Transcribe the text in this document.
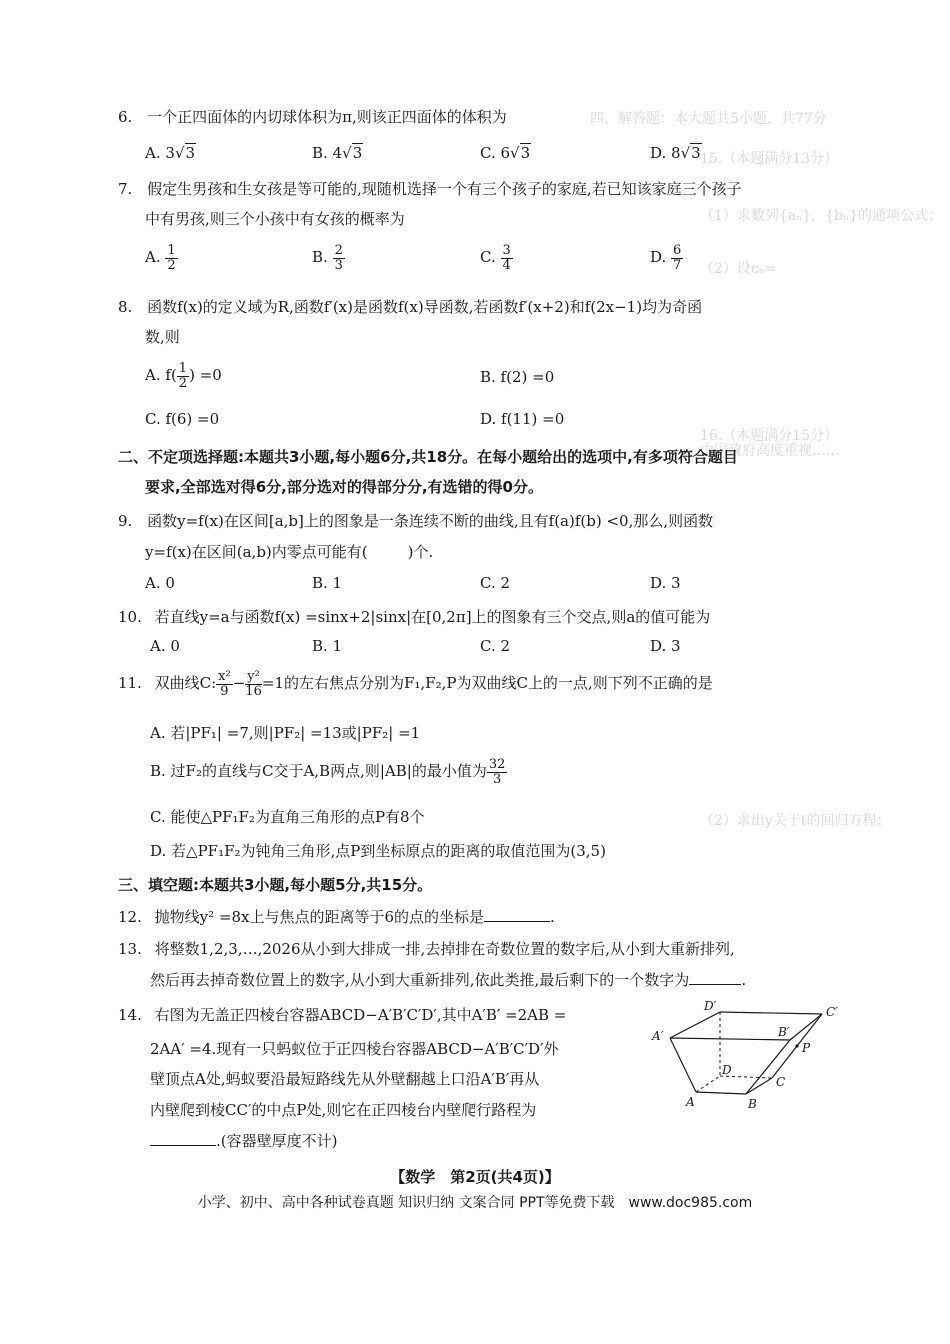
四、解答题：本大题共5小题，共77分
15.（本题满分13分）
（1）求数列{aₙ}，{bₙ}的通项公式；
（2）设cₙ=
16.（本题满分15分）
中国政府高度重视……
（2）求出y关于t的回归方程；
6. 一个正四面体的内切球体积为π,则该正四面体的体积为
A. 3√3	B. 4√3	C. 6√3	D. 8√3
7. 假定生男孩和生女孩是等可能的,现随机选择一个有三个孩子的家庭,若已知该家庭三个孩子
中有男孩,则三个小孩中有女孩的概率为
A. $\frac{1}{2}$	B. $\frac{2}{3}$	C. $\frac{3}{4}$	D. $\frac{6}{7}$
8. 函数f(x)的定义域为R,函数f′(x)是函数f(x)导函数,若函数f′(x+2)和f(2x−1)均为奇函
数,则
A. $f( \frac{1}{2}$ ) =0	B. f(2) =0
C. f(6) =0	D. f(11) =0
二、不定项选择题:本题共3小题,每小题6分,共18分。在每小题给出的选项中,有多项符合题目
要求,全部选对得6分,部分选对的得部分分,有选错的得0分。
9. 函数y=f(x)在区间[a,b]上的图象是一条连续不断的曲线,且有f(a)f(b) <0,那么,则函数
y=f(x)在区间(a,b)内零点可能有(	)个.
A. 0	B. 1	C. 2	D. 3
10. 若直线y=a与函数f(x) =sinx+2|sinx|在[0,2π]上的图象有三个交点,则a的值可能为
A. 0	B. 1	C. 2	D. 3
11. 双曲线C: $\frac{\text{x²}}{9} - \frac{\text{y²}}{16} =1$的左右焦点分别为F₁,F₂,P为双曲线C上的一点,则下列不正确的是
A. 若|PF₁| =7,则|PF₂| =13或|PF₂| =1
B. 过F₂的直线与C交于A,B两点,则|AB|的最小值为 $\frac{32}{3}$
C. 能使△PF₁F₂为直角三角形的点P有8个
D. 若△PF₁F₂为钝角三角形,点P到坐标原点的距离的取值范围为(3,5)
三、填空题:本题共3小题,每小题5分,共15分。
12. 抛物线y² =8x上与焦点的距离等于6的点的坐标是	.
13. 将整数1,2,3,…,2026从小到大排成一排,去掉排在奇数位置的数字后,从小到大重新排列,
然后再去掉奇数位置上的数字,从小到大重新排列,依此类推,最后剩下的一个数字为	.
14. 右图为无盖正四棱台容器ABCD−A′B′C′D′,其中A′B′ =2AB =
2AA′ =4.现有一只蚂蚁位于正四棱台容器ABCD−A′B′C′D′外
壁顶点A处,蚂蚁要沿最短路线先从外壁翻越上口沿A′B′再从
内壁爬到棱CC′的中点P处,则它在正四棱台内壁爬行路程为
.(容器壁厚度不计)
D′	C′
A′	B′
P
D
C
A	B
【数学　第2页(共4页)】
小学、初中、高中各种试卷真题 知识归纳 文案合同 PPT等免费下载　www.doc985.com
